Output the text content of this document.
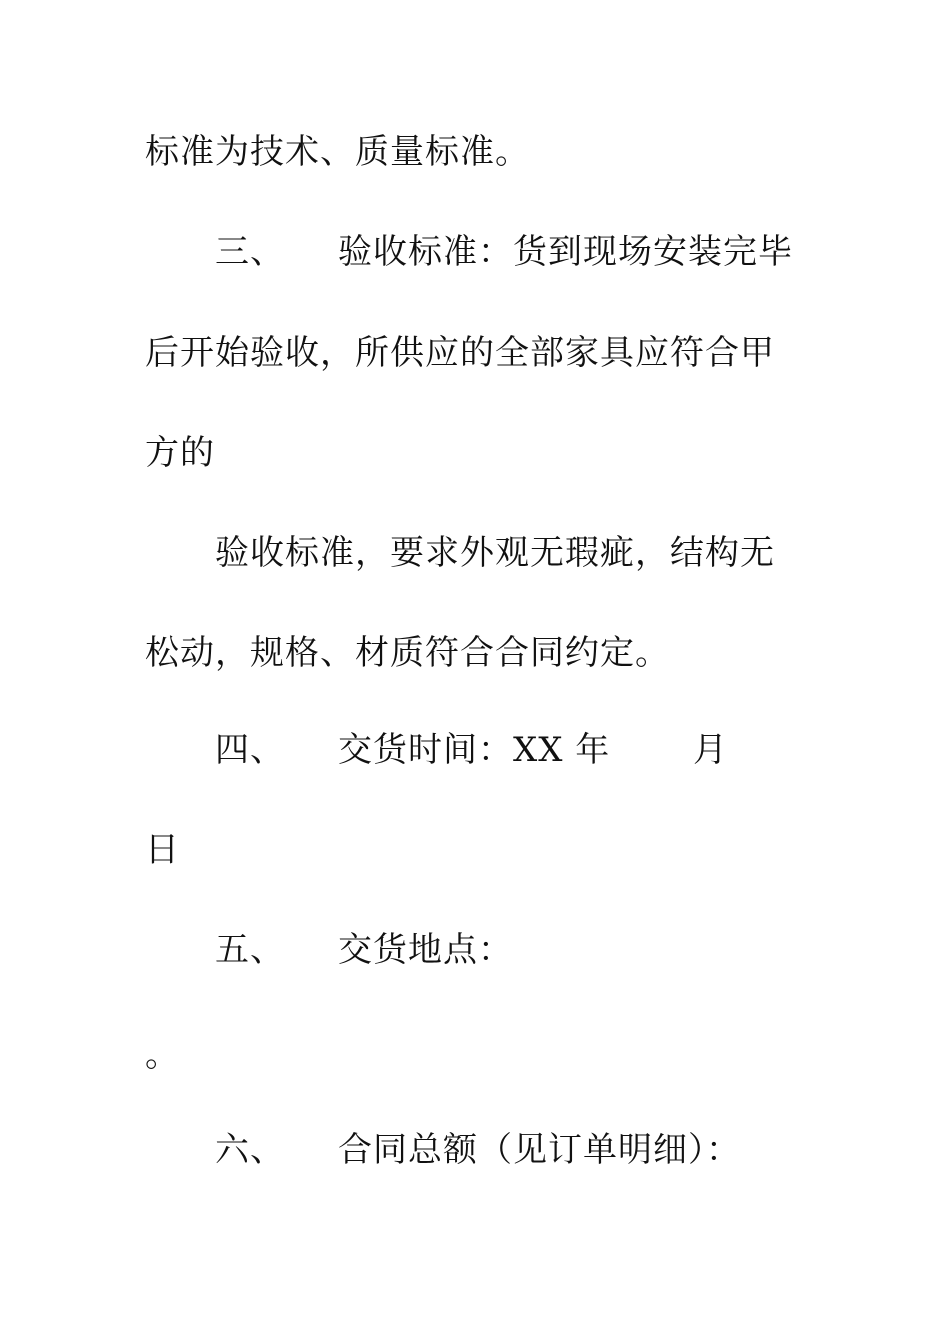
标准为技术、质量标准。
三、 验收标准：货到现场安装完毕
后开始验收，所供应的全部家具应符合甲
方的
验收标准，要求外观无瑕疵，结构无
松动，规格、材质符合合同约定。
四、 交货时间：XX 年 月
日
五、 交货地点：
。
六、 合同总额（见订单明细）：
